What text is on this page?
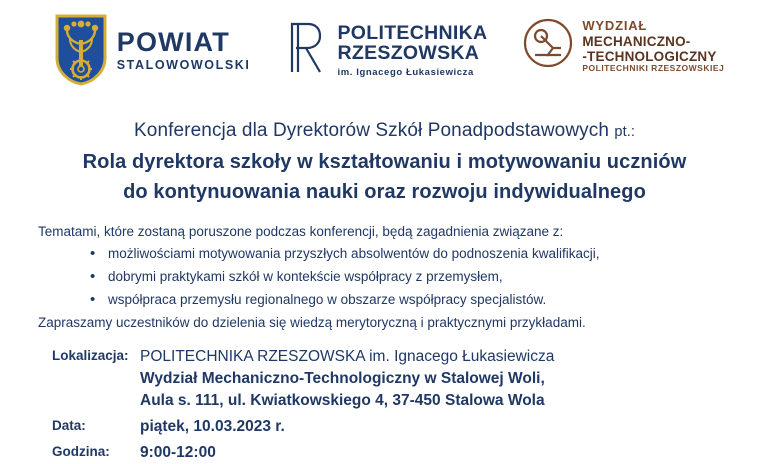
POWIAT
STALOWOWOLSKI
POLITECHNIKA
RZESZOWSKA
im. Ignacego Łukasiewicza
WYDZIAŁ
MECHANICZNO-
-TECHNOLOGICZNY
POLITECHNIKI RZESZOWSKIEJ
Konferencja dla Dyrektorów Szkół Ponadpodstawowych pt.:
Rola dyrektora szkoły w kształtowaniu i motywowaniu uczniów
do kontynuowania nauki oraz rozwoju indywidualnego
Tematami, które zostaną poruszone podczas konferencji, będą zagadnienia związane z:
• możliwościami motywowania przyszłych absolwentów do podnoszenia kwalifikacji,
• dobrymi praktykami szkół w kontekście współpracy z przemysłem,
• współpraca przemysłu regionalnego w obszarze współpracy specjalistów.
Zapraszamy uczestników do dzielenia się wiedzą merytoryczną i praktycznymi przykładami.
Lokalizacja: POLITECHNIKA RZESZOWSKA im. Ignacego Łukasiewicza
Wydział Mechaniczno-Technologiczny w Stalowej Woli,
Aula s. 111, ul. Kwiatkowskiego 4, 37-450 Stalowa Wola
Data:	piątek, 10.03.2023 r.
Godzina:	9:00-12:00
